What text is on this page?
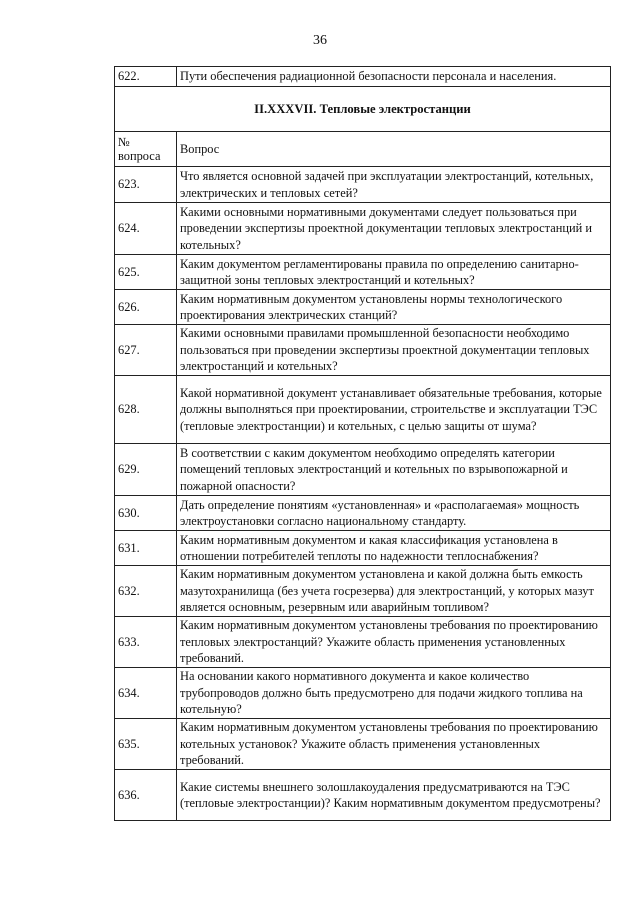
36
622.	Пути обеспечения радиационной безопасности персонала и населения.
II.XXXVII. Тепловые электростанции	

№
вопроса	Вопрос
623.	Что является основной задачей при эксплуатации электростанций, котельных, электрических и тепловых сетей?
624.	Какими основными нормативными документами следует пользоваться при проведении экспертизы проектной документации тепловых электростанций и котельных?
625.	Каким документом регламентированы правила по определению санитарно-защитной зоны тепловых электростанций и котельных?
626.	Каким нормативным документом установлены нормы технологического проектирования электрических станций?
627.	Какими основными правилами промышленной безопасности необходимо пользоваться при проведении экспертизы проектной документации тепловых электростанций и котельных?
628.	Какой нормативной документ устанавливает обязательные требования, которые должны выполняться при проектировании, строительстве и эксплуатации ТЭС (тепловые электростанции) и котельных, с целью защиты от шума?
629.	В соответствии с каким документом необходимо определять категории помещений тепловых электростанций и котельных по взрывопожарной и пожарной опасности?
630.	Дать определение понятиям «установленная» и «располагаемая» мощность электроустановки согласно национальному стандарту.
631.	Каким нормативным документом и какая классификация установлена в отношении потребителей теплоты по надежности теплоснабжения?
632.	Каким нормативным документом установлена и какой должна быть емкость мазутохранилища (без учета госрезерва) для электростанций, у которых мазут является основным, резервным или аварийным топливом?
633.	Каким нормативным документом установлены требования по проектированию тепловых электростанций? Укажите область применения установленных требований.
634.	На основании какого нормативного документа и какое количество трубопроводов должно быть предусмотрено для подачи жидкого топлива на котельную?
635.	Каким нормативным документом установлены требования по проектированию котельных установок? Укажите область применения установленных требований.
636.	Какие системы внешнего золошлакоудаления предусматриваются на ТЭС (тепловые электростанции)? Каким нормативным документом предусмотрены?
